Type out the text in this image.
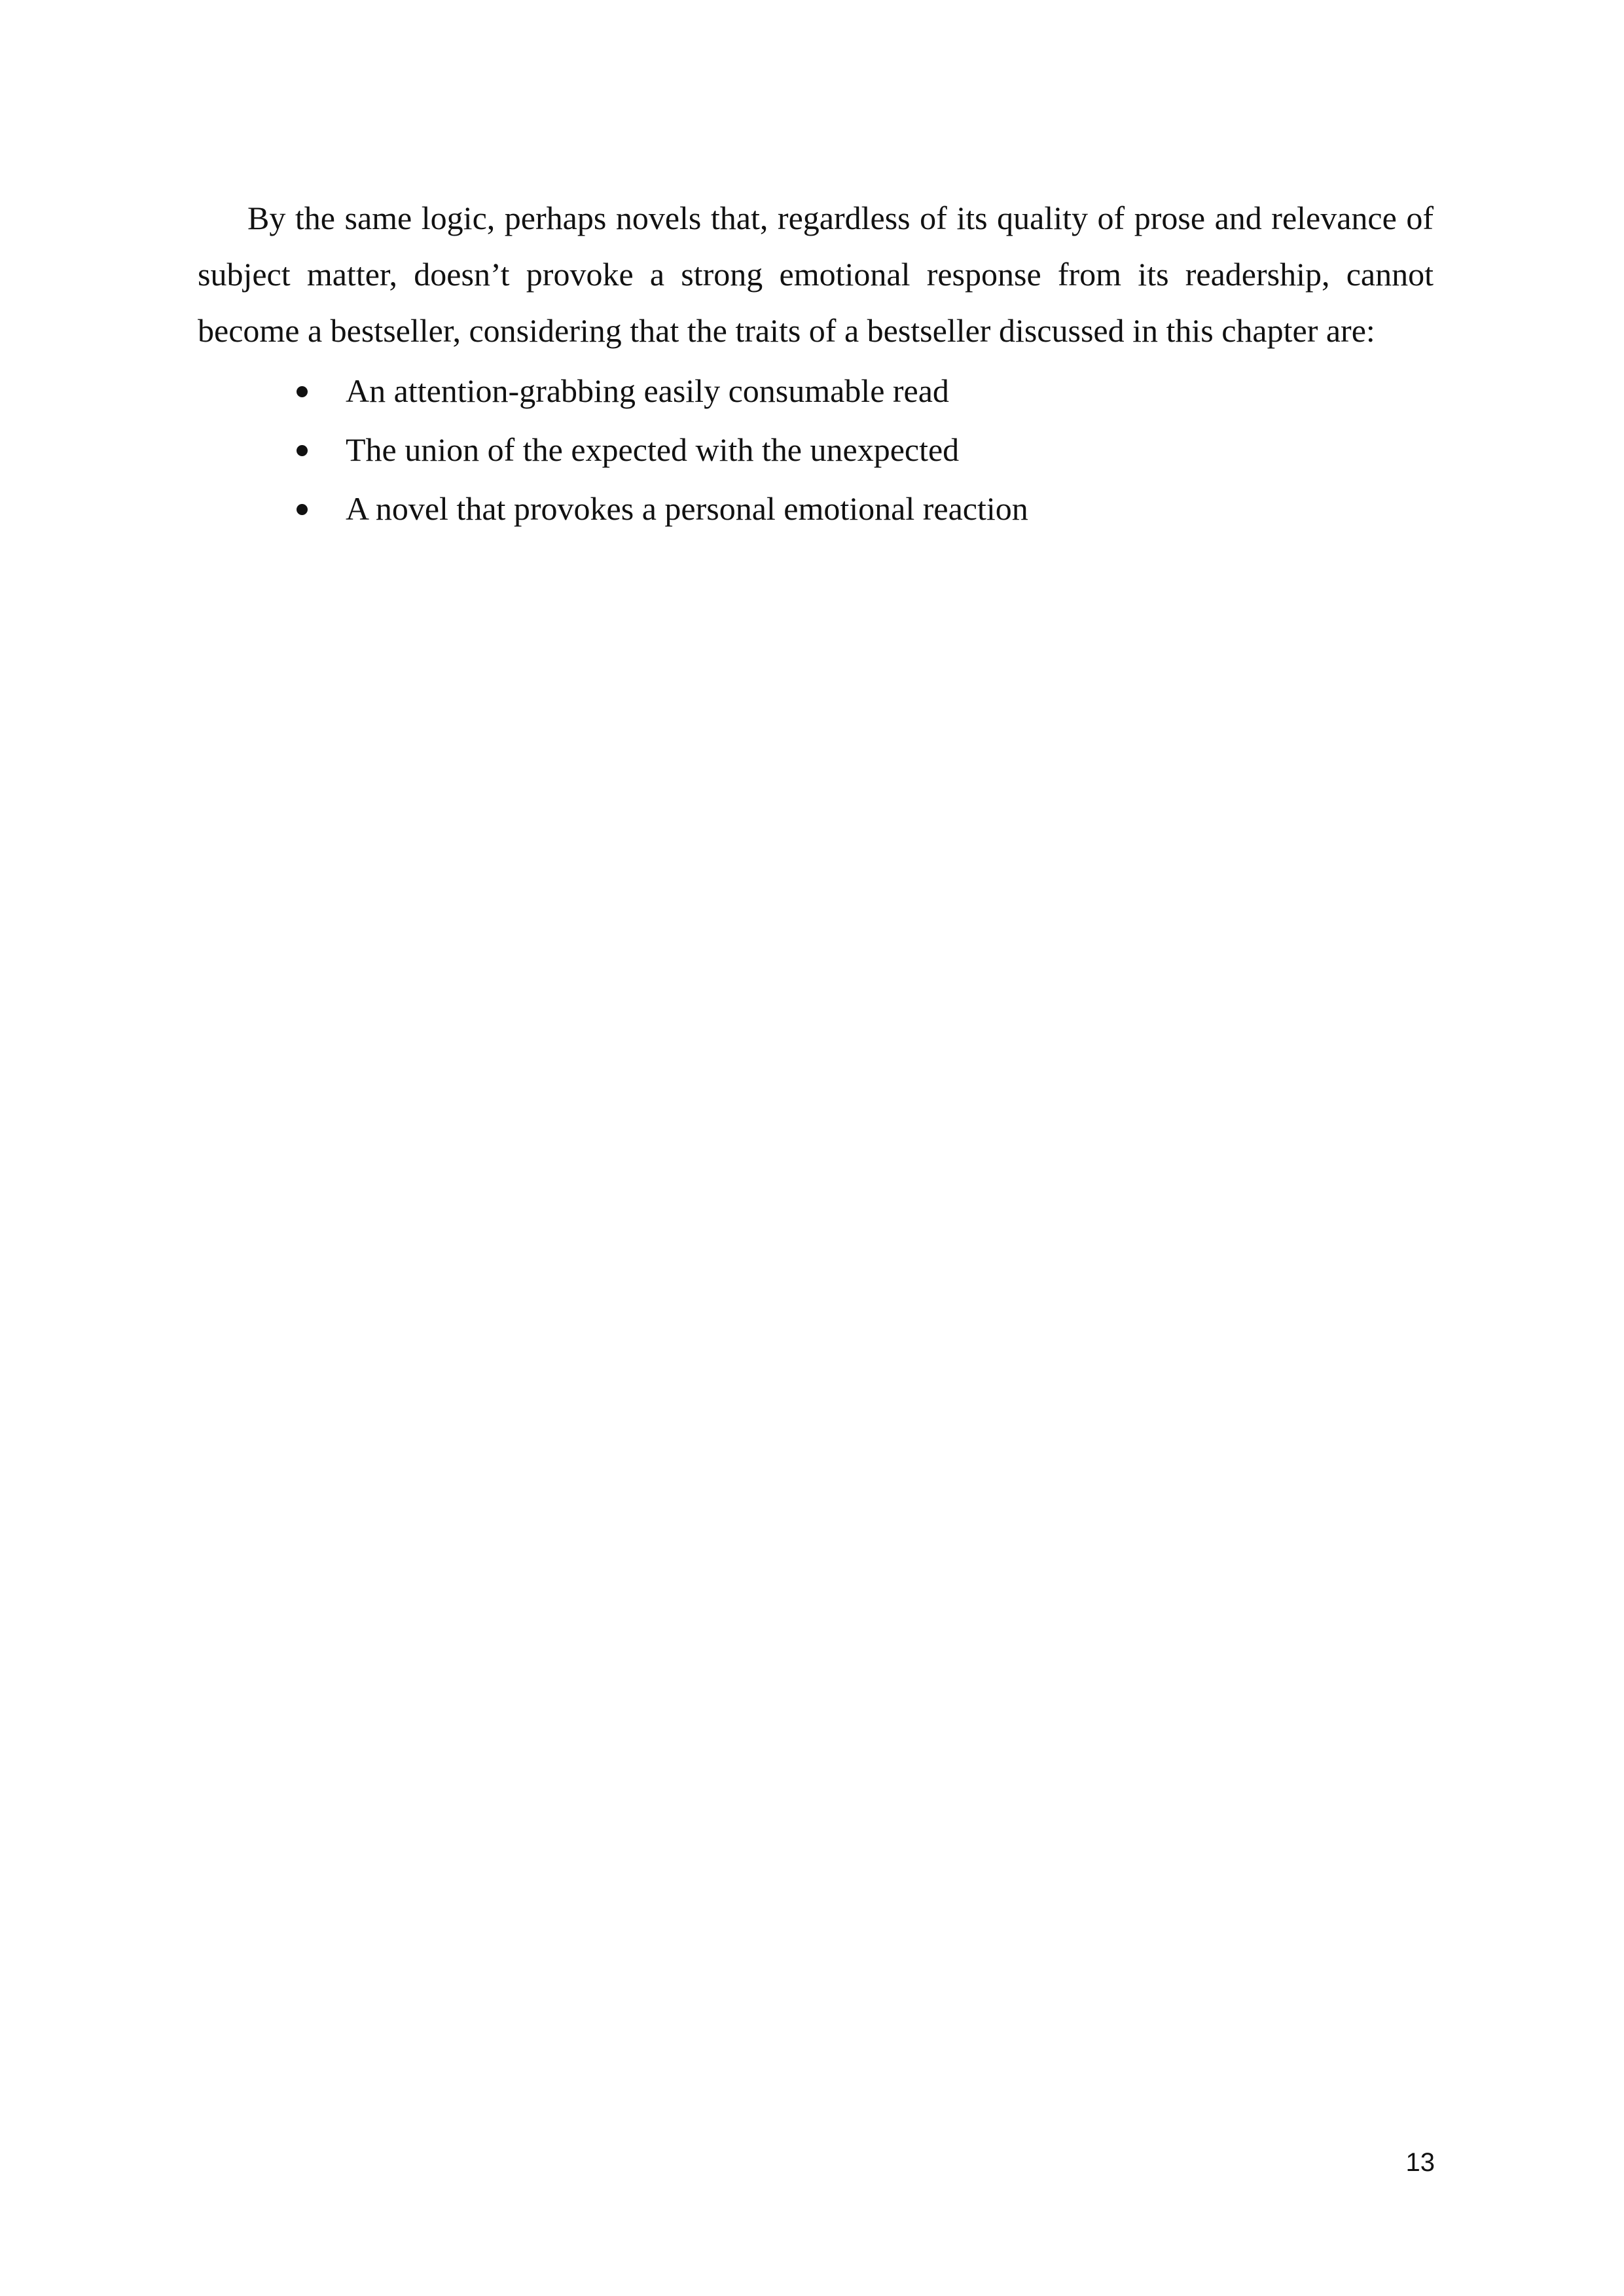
By the same logic, perhaps novels that, regardless of its quality of prose and relevance of subject matter, doesn’t provoke a strong emotional response from its readership, cannot become a bestseller, considering that the traits of a bestseller discussed in this chapter are:

An attention-grabbing easily consumable read
The union of the expected with the unexpected
A novel that provokes a personal emotional reaction
13
